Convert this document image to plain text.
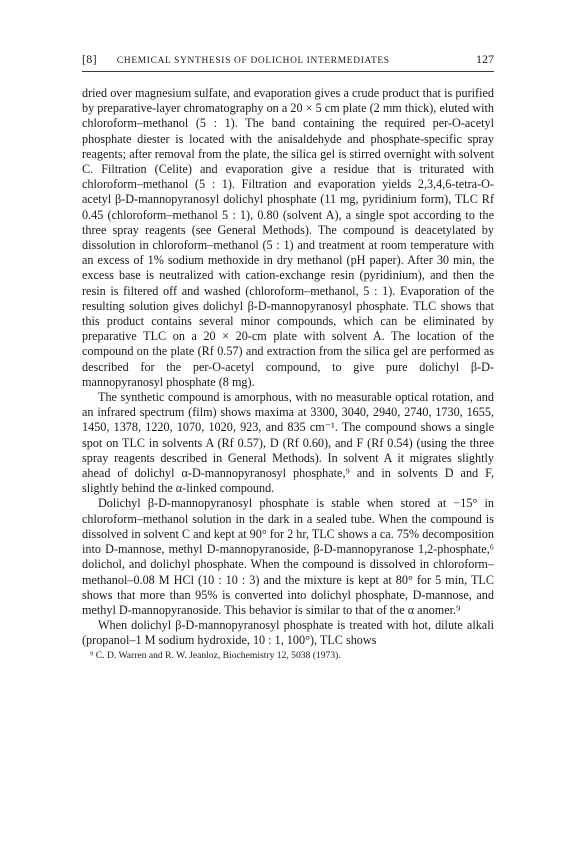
[8]	CHEMICAL SYNTHESIS OF DOLICHOL INTERMEDIATES	127

dried over magnesium sulfate, and evaporation gives a crude product that is purified by preparative-layer chromatography on a 20 × 5 cm plate (2 mm thick), eluted with chloroform–methanol (5 : 1). The band containing the required per-O-acetyl phosphate diester is located with the anisaldehyde and phosphate-specific spray reagents; after removal from the plate, the silica gel is stirred overnight with solvent C. Filtration (Celite) and evaporation give a residue that is triturated with chloroform–methanol (5 : 1). Filtration and evaporation yields 2,3,4,6-tetra-O-acetyl β-D-mannopyranosyl dolichyl phosphate (11 mg, pyridinium form), TLC Rf 0.45 (chloroform–methanol 5 : 1), 0.80 (solvent A), a single spot according to the three spray reagents (see General Methods). The compound is deacetylated by dissolution in chloroform–methanol (5 : 1) and treatment at room temperature with an excess of 1% sodium methoxide in dry methanol (pH paper). After 30 min, the excess base is neutralized with cation-exchange resin (pyridinium), and then the resin is filtered off and washed (chloroform–methanol, 5 : 1). Evaporation of the resulting solution gives dolichyl β-D-mannopyranosyl phosphate. TLC shows that this product contains several minor compounds, which can be eliminated by preparative TLC on a 20 × 20-cm plate with solvent A. The location of the compound on the plate (Rf 0.57) and extraction from the silica gel are performed as described for the per-O-acetyl compound, to give pure dolichyl β-D-mannopyranosyl phosphate (8 mg).

The synthetic compound is amorphous, with no measurable optical rotation, and an infrared spectrum (film) shows maxima at 3300, 3040, 2940, 2740, 1730, 1655, 1450, 1378, 1220, 1070, 1020, 923, and 835 cm⁻¹. The compound shows a single spot on TLC in solvents A (Rf 0.57), D (Rf 0.60), and F (Rf 0.54) (using the three spray reagents described in General Methods). In solvent A it migrates slightly ahead of dolichyl α-D-mannopyranosyl phosphate,⁹ and in solvents D and F, slightly behind the α-linked compound.

Dolichyl β-D-mannopyranosyl phosphate is stable when stored at −15° in chloroform–methanol solution in the dark in a sealed tube. When the compound is dissolved in solvent C and kept at 90° for 2 hr, TLC shows a ca. 75% decomposition into D-mannose, methyl D-mannopyranoside, β-D-mannopyranose 1,2-phosphate,⁶ dolichol, and dolichyl phosphate. When the compound is dissolved in chloroform–methanol–0.08 M HCl (10 : 10 : 3) and the mixture is kept at 80° for 5 min, TLC shows that more than 95% is converted into dolichyl phosphate, D-mannose, and methyl D-mannopyranoside. This behavior is similar to that of the α anomer.⁹

When dolichyl β-D-mannopyranosyl phosphate is treated with hot, dilute alkali (propanol–1 M sodium hydroxide, 10 : 1, 100°), TLC shows

⁹ C. D. Warren and R. W. Jeanloz, Biochemistry 12, 5038 (1973).
